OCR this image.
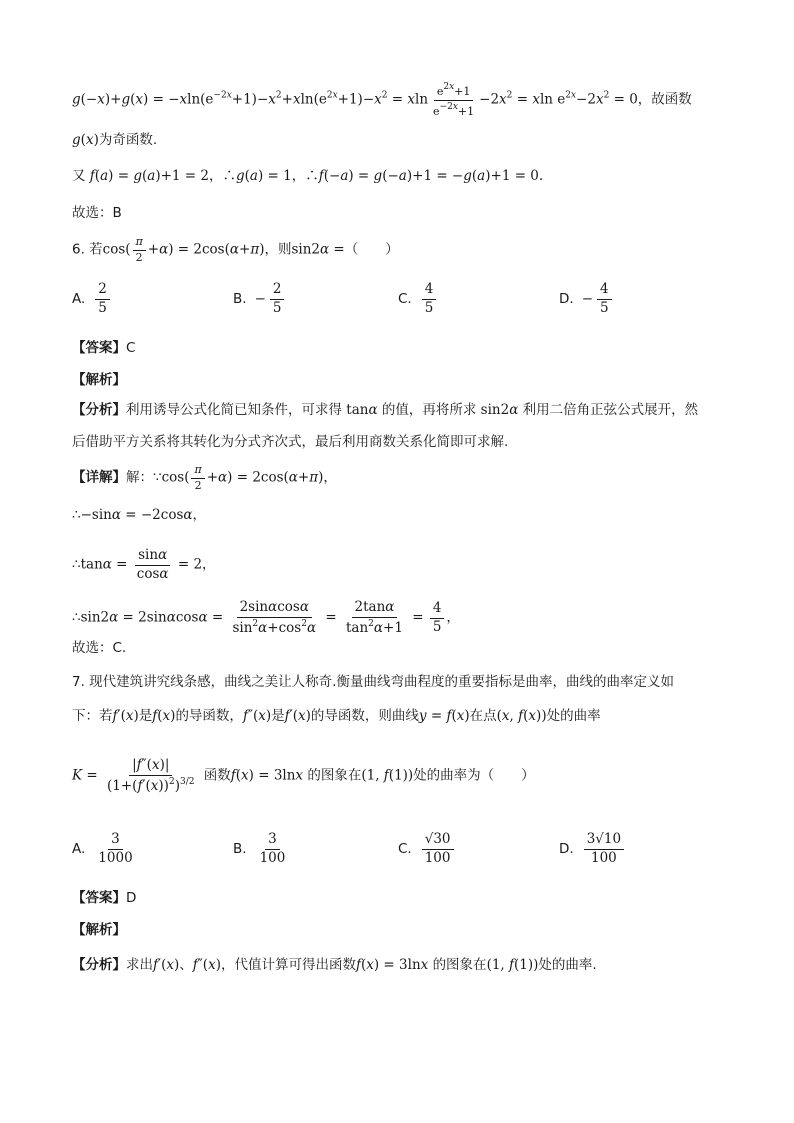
$g(-x)+g(x) = -xln(e^{-2x}+1)-x^2+xln(e^{2x}+1)-x^2 = xln \frac{e^{2x}+1}{e^{-2x}+1} -2x^2 = xln$ $e^{2x}-2x^2 = 0$，故函数
g(x)为奇函数.
又 f(a) = g(a)+1 = 2，∴g(a) = 1，∴f(−a) = g(−a)+1 = −g(a)+1 = 0.
故选：B
6. 若$\cos( \frac{\pi}{2} +\alpha) = 2\cos(\alpha+\pi)$，则sin2α =（　　）
A. $\frac{2}{5}$	B. − $\frac{2}{5}$	C. $\frac{4}{5}$	D. − $\frac{4}{5}$
【答案】C
【解析】
【分析】利用诱导公式化简已知条件，可求得 tanα 的值，再将所求 sin2α 利用二倍角正弦公式展开，然
后借助平方关系将其转化为分式齐次式，最后利用商数关系化简即可求解.
【详解】解：∵cos( $\frac{\pi}{2} +\alpha) = 2\cos(\alpha+\pi)$，
∴−sinα = −2cosα，
∴tanα = $\frac{\sin\alpha}{\cos\alpha} = 2$，
∴sin2α = $2\sin\alpha\cos\alpha = \frac{2\sin\alpha\cos\alpha}{\sin^2\alpha+\cos^2\alpha} = \frac{2\tan\alpha}{\tan^2\alpha+1} = \frac{4}{5}$ ，
故选：C.
7. 现代建筑讲究线条感，曲线之美让人称奇.衡量曲线弯曲程度的重要指标是曲率，曲线的曲率定义如
下：若f′(x)是f(x)的导函数，f″(x)是f′(x)的导函数，则曲线y = f(x)在点(x, f(x))处的曲率
$K = \frac{|f''(x)|}{(1+(f'(x))^2)^{3/2}}$ 函数f(x) = 3lnx 的图象在(1, f(1))处的曲率为（　　）
A. $\frac{3}{1000}$	B. $\frac{3}{100}$	C. $\frac{√30}{100}$	D. $\frac{3√10}{100}$
【答案】D
【解析】
【分析】求出f′(x)、f″(x)，代值计算可得出函数f(x) = 3lnx 的图象在(1, f(1))处的曲率.
